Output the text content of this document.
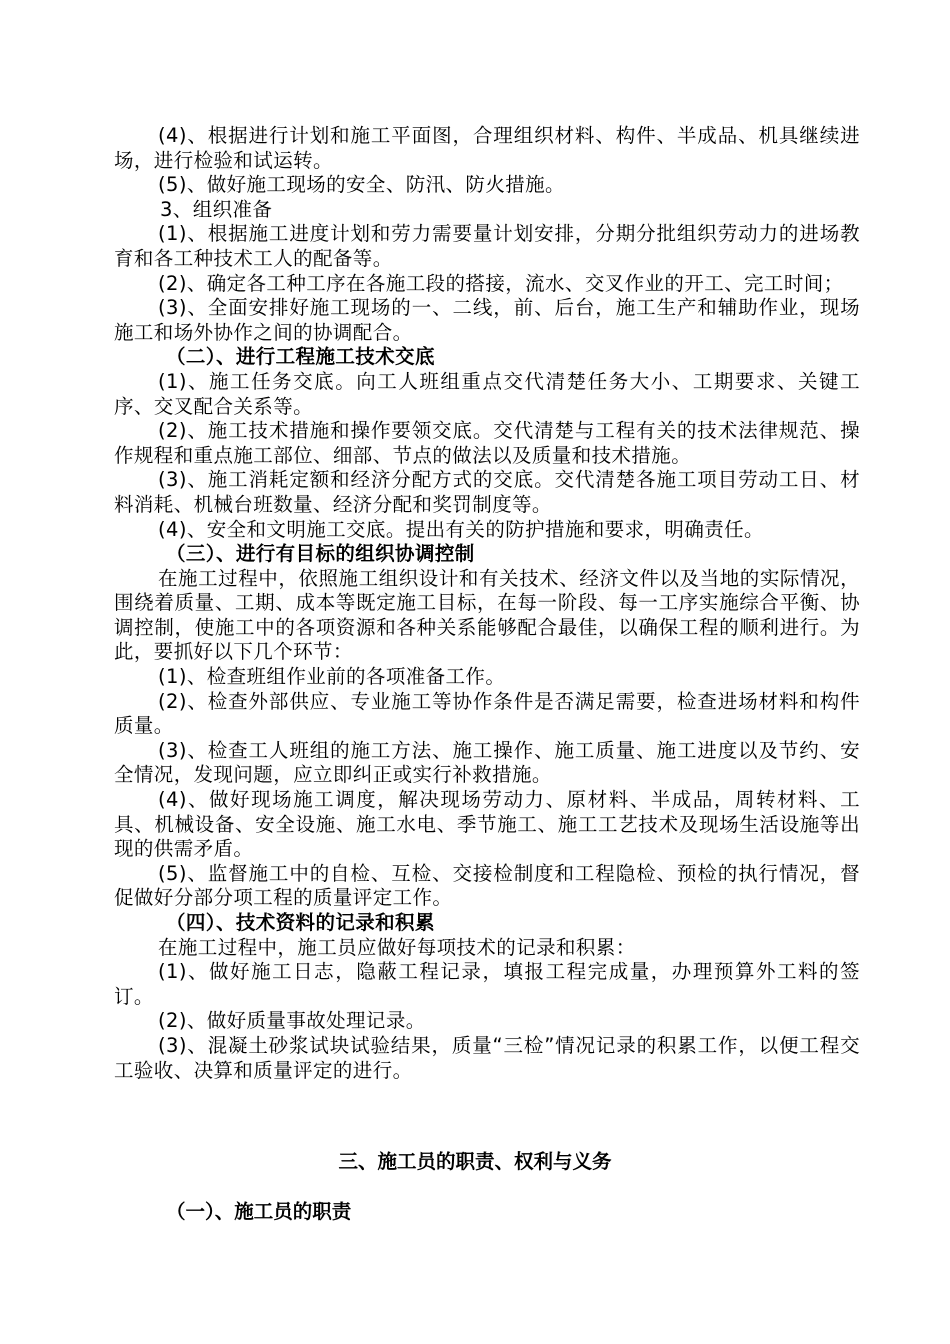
(4)、根据进行计划和施工平面图，合理组织材料、构件、半成品、机具继续进场，进行检验和试运转。

(5)、做好施工现场的安全、防汛、防火措施。

3、组织准备

(1)、根据施工进度计划和劳力需要量计划安排，分期分批组织劳动力的进场教育和各工种技术工人的配备等。

(2)、确定各工种工序在各施工段的搭接，流水、交叉作业的开工、完工时间；

(3)、全面安排好施工现场的一、二线，前、后台，施工生产和辅助作业，现场施工和场外协作之间的协调配合。

（二）、进行工程施工技术交底

(1)、施工任务交底。向工人班组重点交代清楚任务大小、工期要求、关键工序、交叉配合关系等。

(2)、施工技术措施和操作要领交底。交代清楚与工程有关的技术法律规范、操作规程和重点施工部位、细部、节点的做法以及质量和技术措施。

(3)、施工消耗定额和经济分配方式的交底。交代清楚各施工项目劳动工日、材料消耗、机械台班数量、经济分配和奖罚制度等。

(4)、安全和文明施工交底。提出有关的防护措施和要求，明确责任。

（三）、进行有目标的组织协调控制

在施工过程中，依照施工组织设计和有关技术、经济文件以及当地的实际情况，围绕着质量、工期、成本等既定施工目标，在每一阶段、每一工序实施综合平衡、协调控制，使施工中的各项资源和各种关系能够配合最佳，以确保工程的顺利进行。为此，要抓好以下几个环节：

(1)、检查班组作业前的各项准备工作。

(2)、检查外部供应、专业施工等协作条件是否满足需要，检查进场材料和构件质量。

(3)、检查工人班组的施工方法、施工操作、施工质量、施工进度以及节约、安全情况，发现问题，应立即纠正或实行补救措施。

(4)、做好现场施工调度，解决现场劳动力、原材料、半成品，周转材料、工具、机械设备、安全设施、施工水电、季节施工、施工工艺技术及现场生活设施等出现的供需矛盾。

(5)、监督施工中的自检、互检、交接检制度和工程隐检、预检的执行情况，督促做好分部分项工程的质量评定工作。

（四）、技术资料的记录和积累

在施工过程中，施工员应做好每项技术的记录和积累：

(1)、做好施工日志，隐蔽工程记录，填报工程完成量，办理预算外工料的签订。

(2)、做好质量事故处理记录。

(3)、混凝土砂浆试块试验结果，质量“三检”情况记录的积累工作，以便工程交工验收、决算和质量评定的进行。

三、施工员的职责、权利与义务
（一）、施工员的职责
